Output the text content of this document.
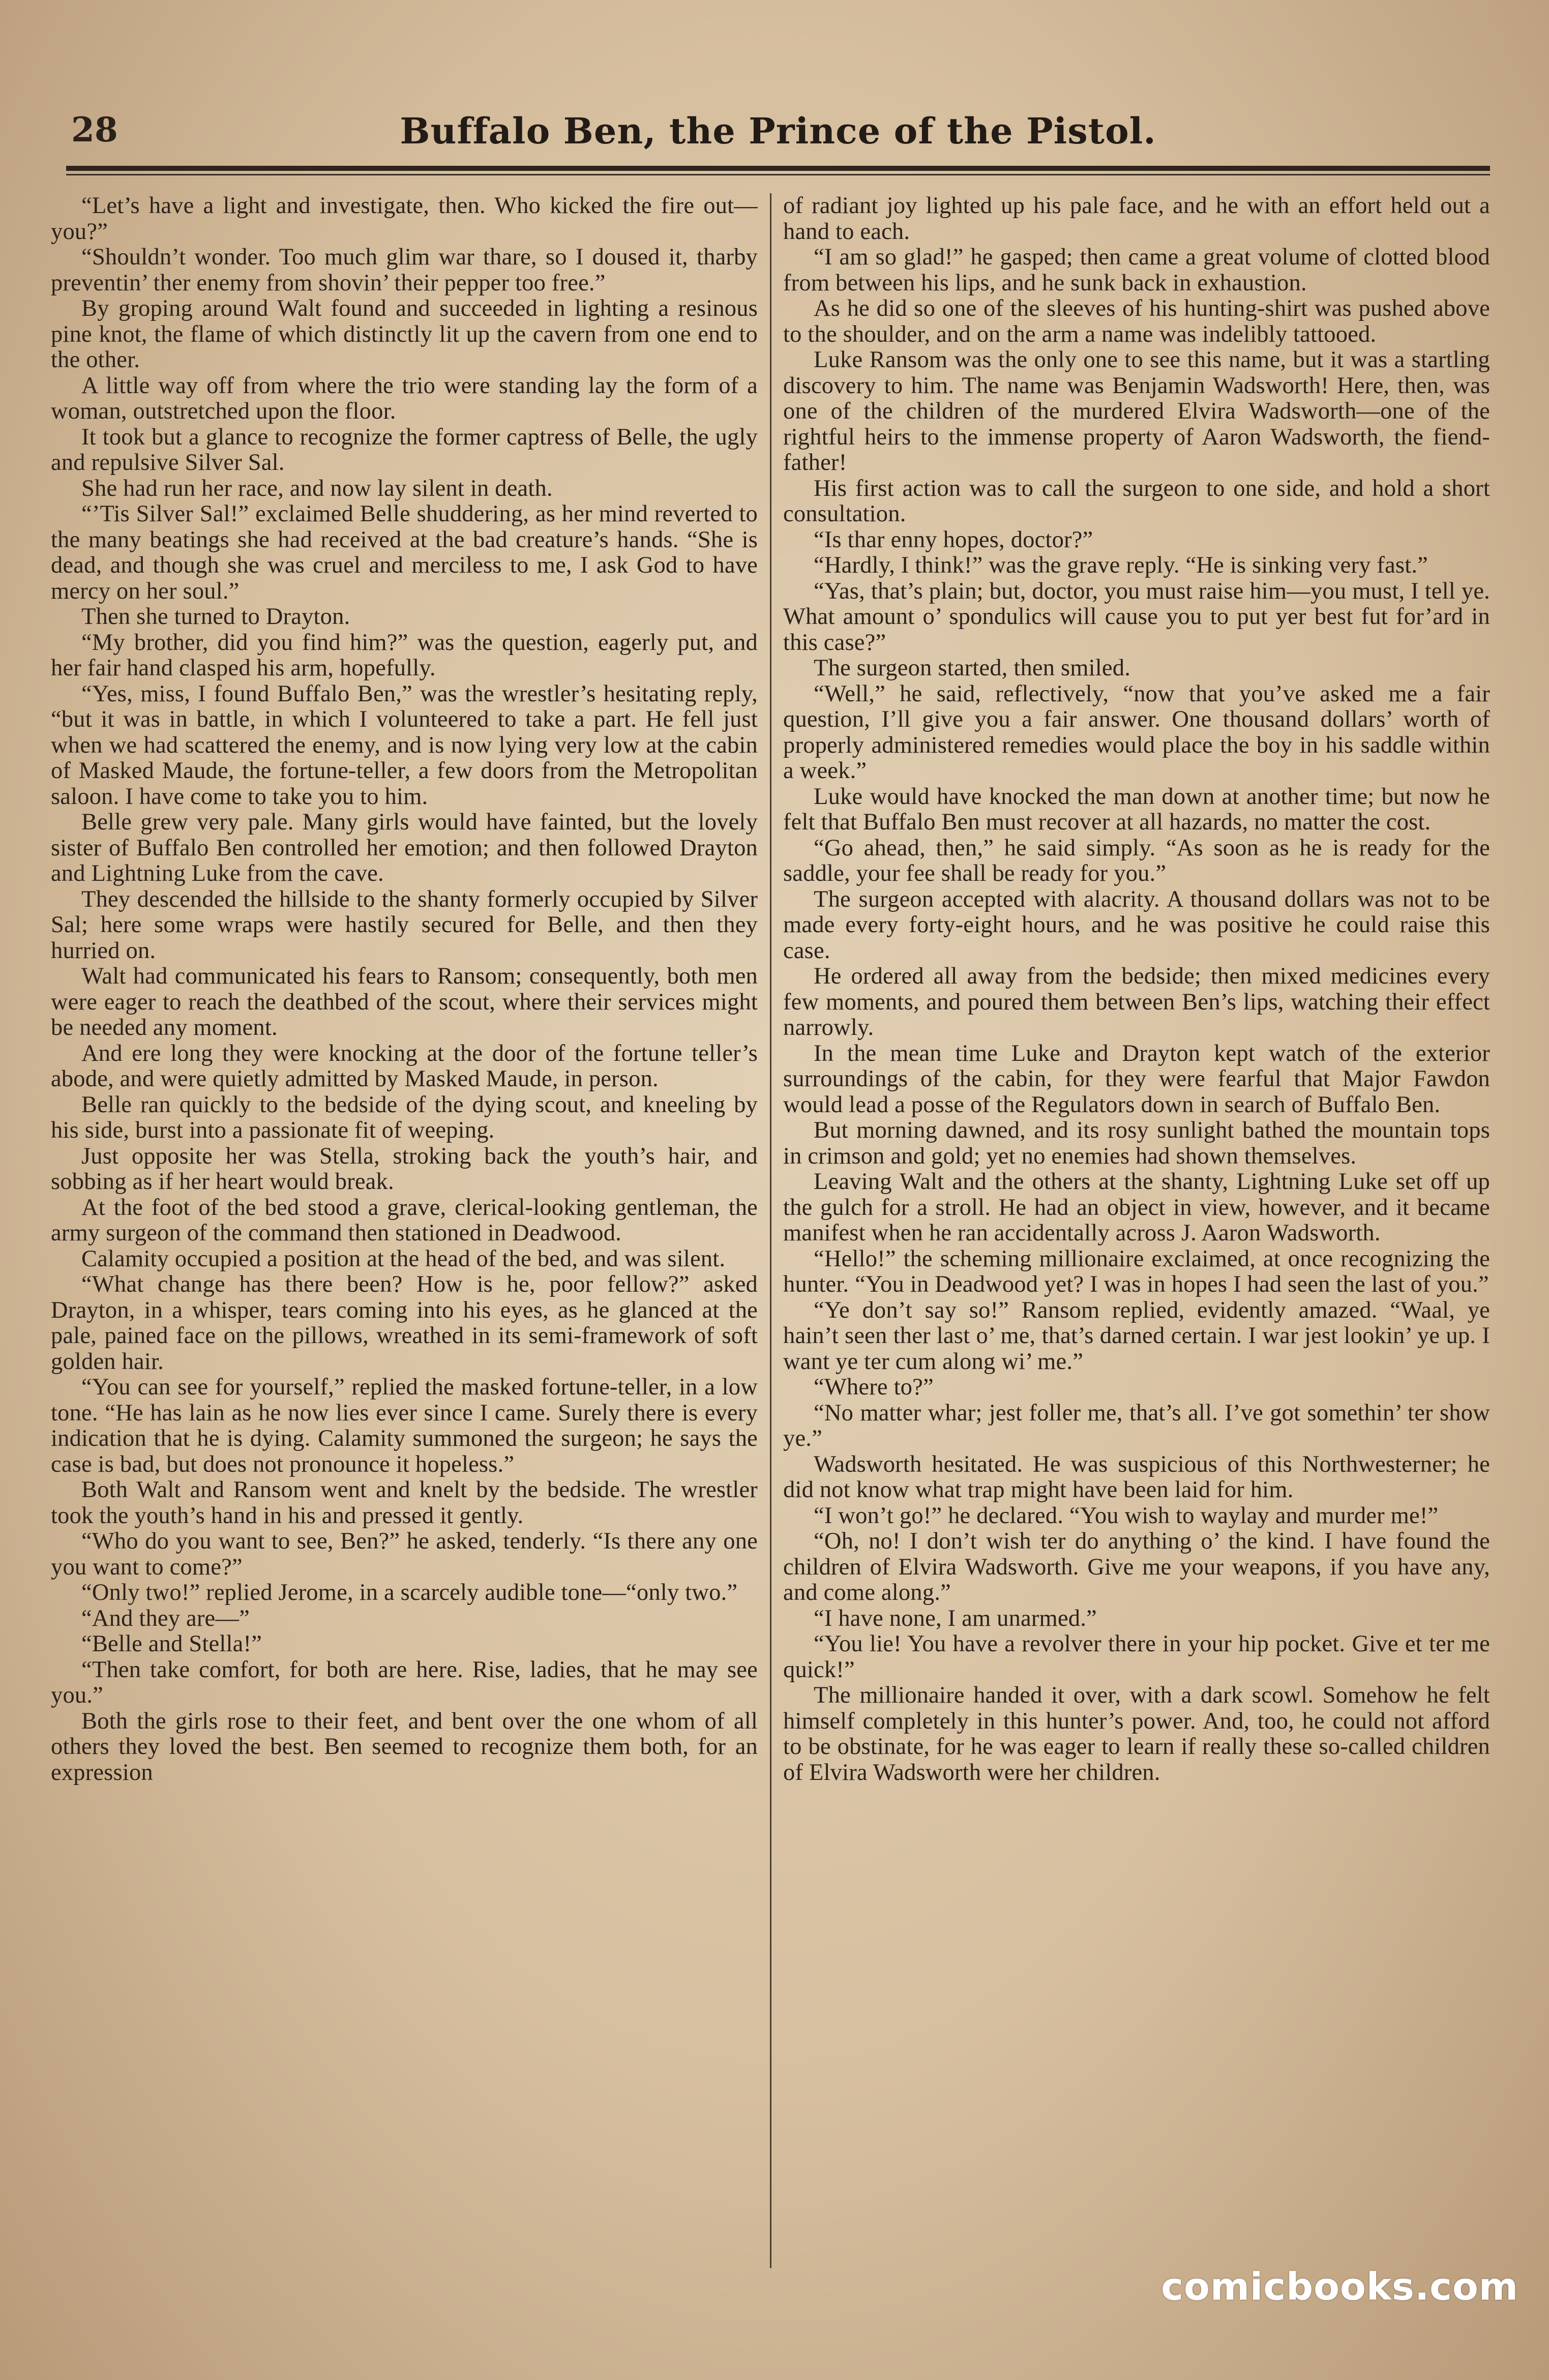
28	Buffalo Ben, the Prince of the Pistol.

“Let’s have a light and investigate, then. Who kicked the fire out—you?”

“Shouldn’t wonder. Too much glim war thare, so I doused it, tharby preventin’ ther enemy from shovin’ their pepper too free.”

By groping around Walt found and succeeded in lighting a resinous pine knot, the flame of which distinctly lit up the cavern from one end to the other.

A little way off from where the trio were standing lay the form of a woman, outstretched upon the floor.

It took but a glance to recognize the former captress of Belle, the ugly and repulsive Silver Sal.

She had run her race, and now lay silent in death.

“’Tis Silver Sal!” exclaimed Belle shuddering, as her mind reverted to the many beatings she had received at the bad creature’s hands. “She is dead, and though she was cruel and merciless to me, I ask God to have mercy on her soul.”

Then she turned to Drayton.

“My brother, did you find him?” was the question, eagerly put, and her fair hand clasped his arm, hopefully.

“Yes, miss, I found Buffalo Ben,” was the wrestler’s hesitating reply, “but it was in battle, in which I volunteered to take a part. He fell just when we had scattered the enemy, and is now lying very low at the cabin of Masked Maude, the fortune-teller, a few doors from the Metropolitan saloon. I have come to take you to him.

Belle grew very pale. Many girls would have fainted, but the lovely sister of Buffalo Ben controlled her emotion; and then followed Drayton and Lightning Luke from the cave.

They descended the hillside to the shanty formerly occupied by Silver Sal; here some wraps were hastily secured for Belle, and then they hurried on.

Walt had communicated his fears to Ransom; consequently, both men were eager to reach the deathbed of the scout, where their services might be needed any moment.

And ere long they were knocking at the door of the fortune teller’s abode, and were quietly admitted by Masked Maude, in person.

Belle ran quickly to the bedside of the dying scout, and kneeling by his side, burst into a passionate fit of weeping.

Just opposite her was Stella, stroking back the youth’s hair, and sobbing as if her heart would break.

At the foot of the bed stood a grave, clerical-looking gentleman, the army surgeon of the command then stationed in Deadwood.

Calamity occupied a position at the head of the bed, and was silent.

“What change has there been? How is he, poor fellow?” asked Drayton, in a whisper, tears coming into his eyes, as he glanced at the pale, pained face on the pillows, wreathed in its semi-framework of soft golden hair.

“You can see for yourself,” replied the masked fortune-teller, in a low tone. “He has lain as he now lies ever since I came. Surely there is every indication that he is dying. Calamity summoned the surgeon; he says the case is bad, but does not pronounce it hopeless.”

Both Walt and Ransom went and knelt by the bedside. The wrestler took the youth’s hand in his and pressed it gently.

“Who do you want to see, Ben?” he asked, tenderly. “Is there any one you want to come?”

“Only two!” replied Jerome, in a scarcely audible tone—“only two.”

“And they are—”

“Belle and Stella!”

“Then take comfort, for both are here. Rise, ladies, that he may see you.”

Both the girls rose to their feet, and bent over the one whom of all others they loved the best. Ben seemed to recognize them both, for an expression

of radiant joy lighted up his pale face, and he with an effort held out a hand to each.

“I am so glad!” he gasped; then came a great volume of clotted blood from between his lips, and he sunk back in exhaustion.

As he did so one of the sleeves of his hunting-shirt was pushed above to the shoulder, and on the arm a name was indelibly tattooed.

Luke Ransom was the only one to see this name, but it was a startling discovery to him. The name was Benjamin Wadsworth! Here, then, was one of the children of the murdered Elvira Wadsworth—one of the rightful heirs to the immense property of Aaron Wadsworth, the fiend-father!

His first action was to call the surgeon to one side, and hold a short consultation.

“Is thar enny hopes, doctor?”

“Hardly, I think!” was the grave reply. “He is sinking very fast.”

“Yas, that’s plain; but, doctor, you must raise him—you must, I tell ye. What amount o’ spondulics will cause you to put yer best fut for’ard in this case?”

The surgeon started, then smiled.

“Well,” he said, reflectively, “now that you’ve asked me a fair question, I’ll give you a fair answer. One thousand dollars’ worth of properly administered remedies would place the boy in his saddle within a week.”

Luke would have knocked the man down at another time; but now he felt that Buffalo Ben must recover at all hazards, no matter the cost.

“Go ahead, then,” he said simply. “As soon as he is ready for the saddle, your fee shall be ready for you.”

The surgeon accepted with alacrity. A thousand dollars was not to be made every forty-eight hours, and he was positive he could raise this case.

He ordered all away from the bedside; then mixed medicines every few moments, and poured them between Ben’s lips, watching their effect narrowly.

In the mean time Luke and Drayton kept watch of the exterior surroundings of the cabin, for they were fearful that Major Fawdon would lead a posse of the Regulators down in search of Buffalo Ben.

But morning dawned, and its rosy sunlight bathed the mountain tops in crimson and gold; yet no enemies had shown themselves.

Leaving Walt and the others at the shanty, Lightning Luke set off up the gulch for a stroll. He had an object in view, however, and it became manifest when he ran accidentally across J. Aaron Wadsworth.

“Hello!” the scheming millionaire exclaimed, at once recognizing the hunter. “You in Deadwood yet? I was in hopes I had seen the last of you.”

“Ye don’t say so!” Ransom replied, evidently amazed. “Waal, ye hain’t seen ther last o’ me, that’s darned certain. I war jest lookin’ ye up. I want ye ter cum along wi’ me.”

“Where to?”

“No matter whar; jest foller me, that’s all. I’ve got somethin’ ter show ye.”

Wadsworth hesitated. He was suspicious of this Northwesterner; he did not know what trap might have been laid for him.

“I won’t go!” he declared. “You wish to waylay and murder me!”

“Oh, no! I don’t wish ter do anything o’ the kind. I have found the children of Elvira Wadsworth. Give me your weapons, if you have any, and come along.”

“I have none, I am unarmed.”

“You lie! You have a revolver there in your hip pocket. Give et ter me quick!”

The millionaire handed it over, with a dark scowl. Somehow he felt himself completely in this hunter’s power. And, too, he could not afford to be obstinate, for he was eager to learn if really these so-called children of Elvira Wadsworth were her children.

comicbooks.com
